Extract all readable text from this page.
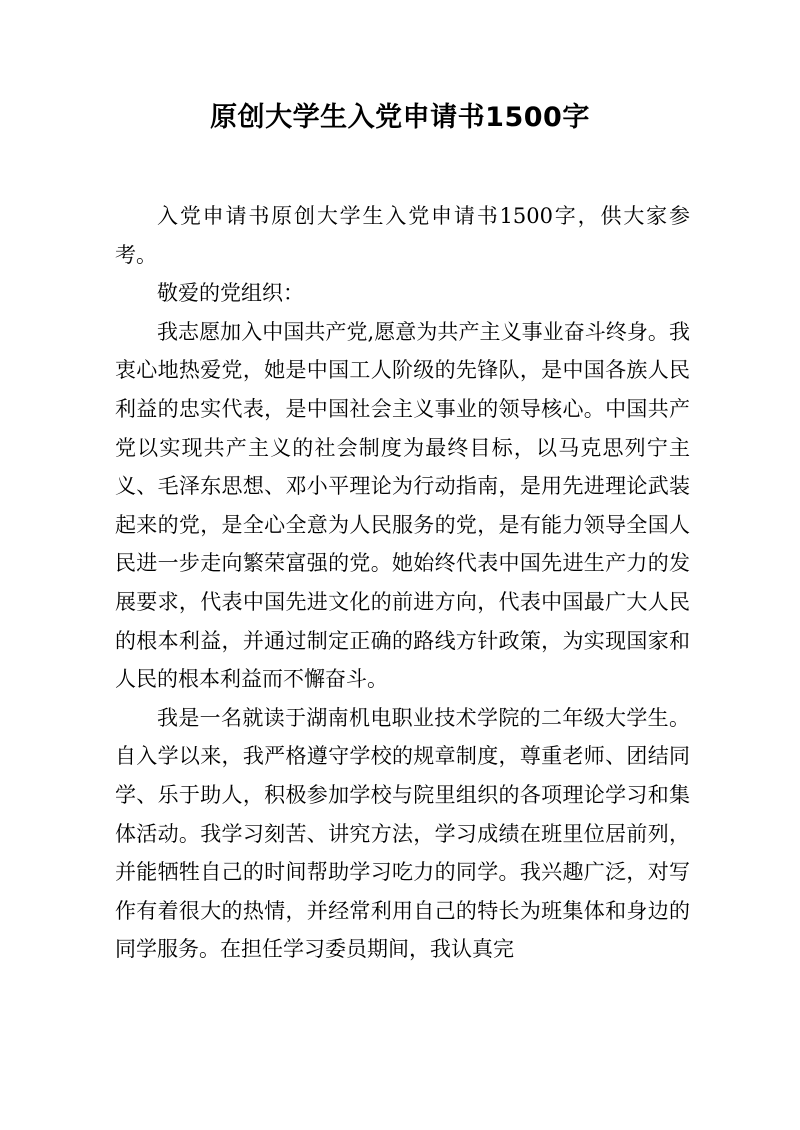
原创大学生入党申请书1500字

入党申请书原创大学生入党申请书1500字，供大家参考。

敬爱的党组织：

我志愿加入中国共产党,愿意为共产主义事业奋斗终身。我衷心地热爱党，她是中国工人阶级的先锋队，是中国各族人民利益的忠实代表，是中国社会主义事业的领导核心。中国共产党以实现共产主义的社会制度为最终目标，以马克思列宁主义、毛泽东思想、邓小平理论为行动指南，是用先进理论武装起来的党，是全心全意为人民服务的党，是有能力领导全国人民进一步走向繁荣富强的党。她始终代表中国先进生产力的发展要求，代表中国先进文化的前进方向，代表中国最广大人民的根本利益，并通过制定正确的路线方针政策，为实现国家和人民的根本利益而不懈奋斗。

我是一名就读于湖南机电职业技术学院的二年级大学生。自入学以来，我严格遵守学校的规章制度，尊重老师、团结同学、乐于助人，积极参加学校与院里组织的各项理论学习和集体活动。我学习刻苦、讲究方法，学习成绩在班里位居前列，并能牺牲自己的时间帮助学习吃力的同学。我兴趣广泛，对写作有着很大的热情，并经常利用自己的特长为班集体和身边的同学服务。在担任学习委员期间，我认真完
